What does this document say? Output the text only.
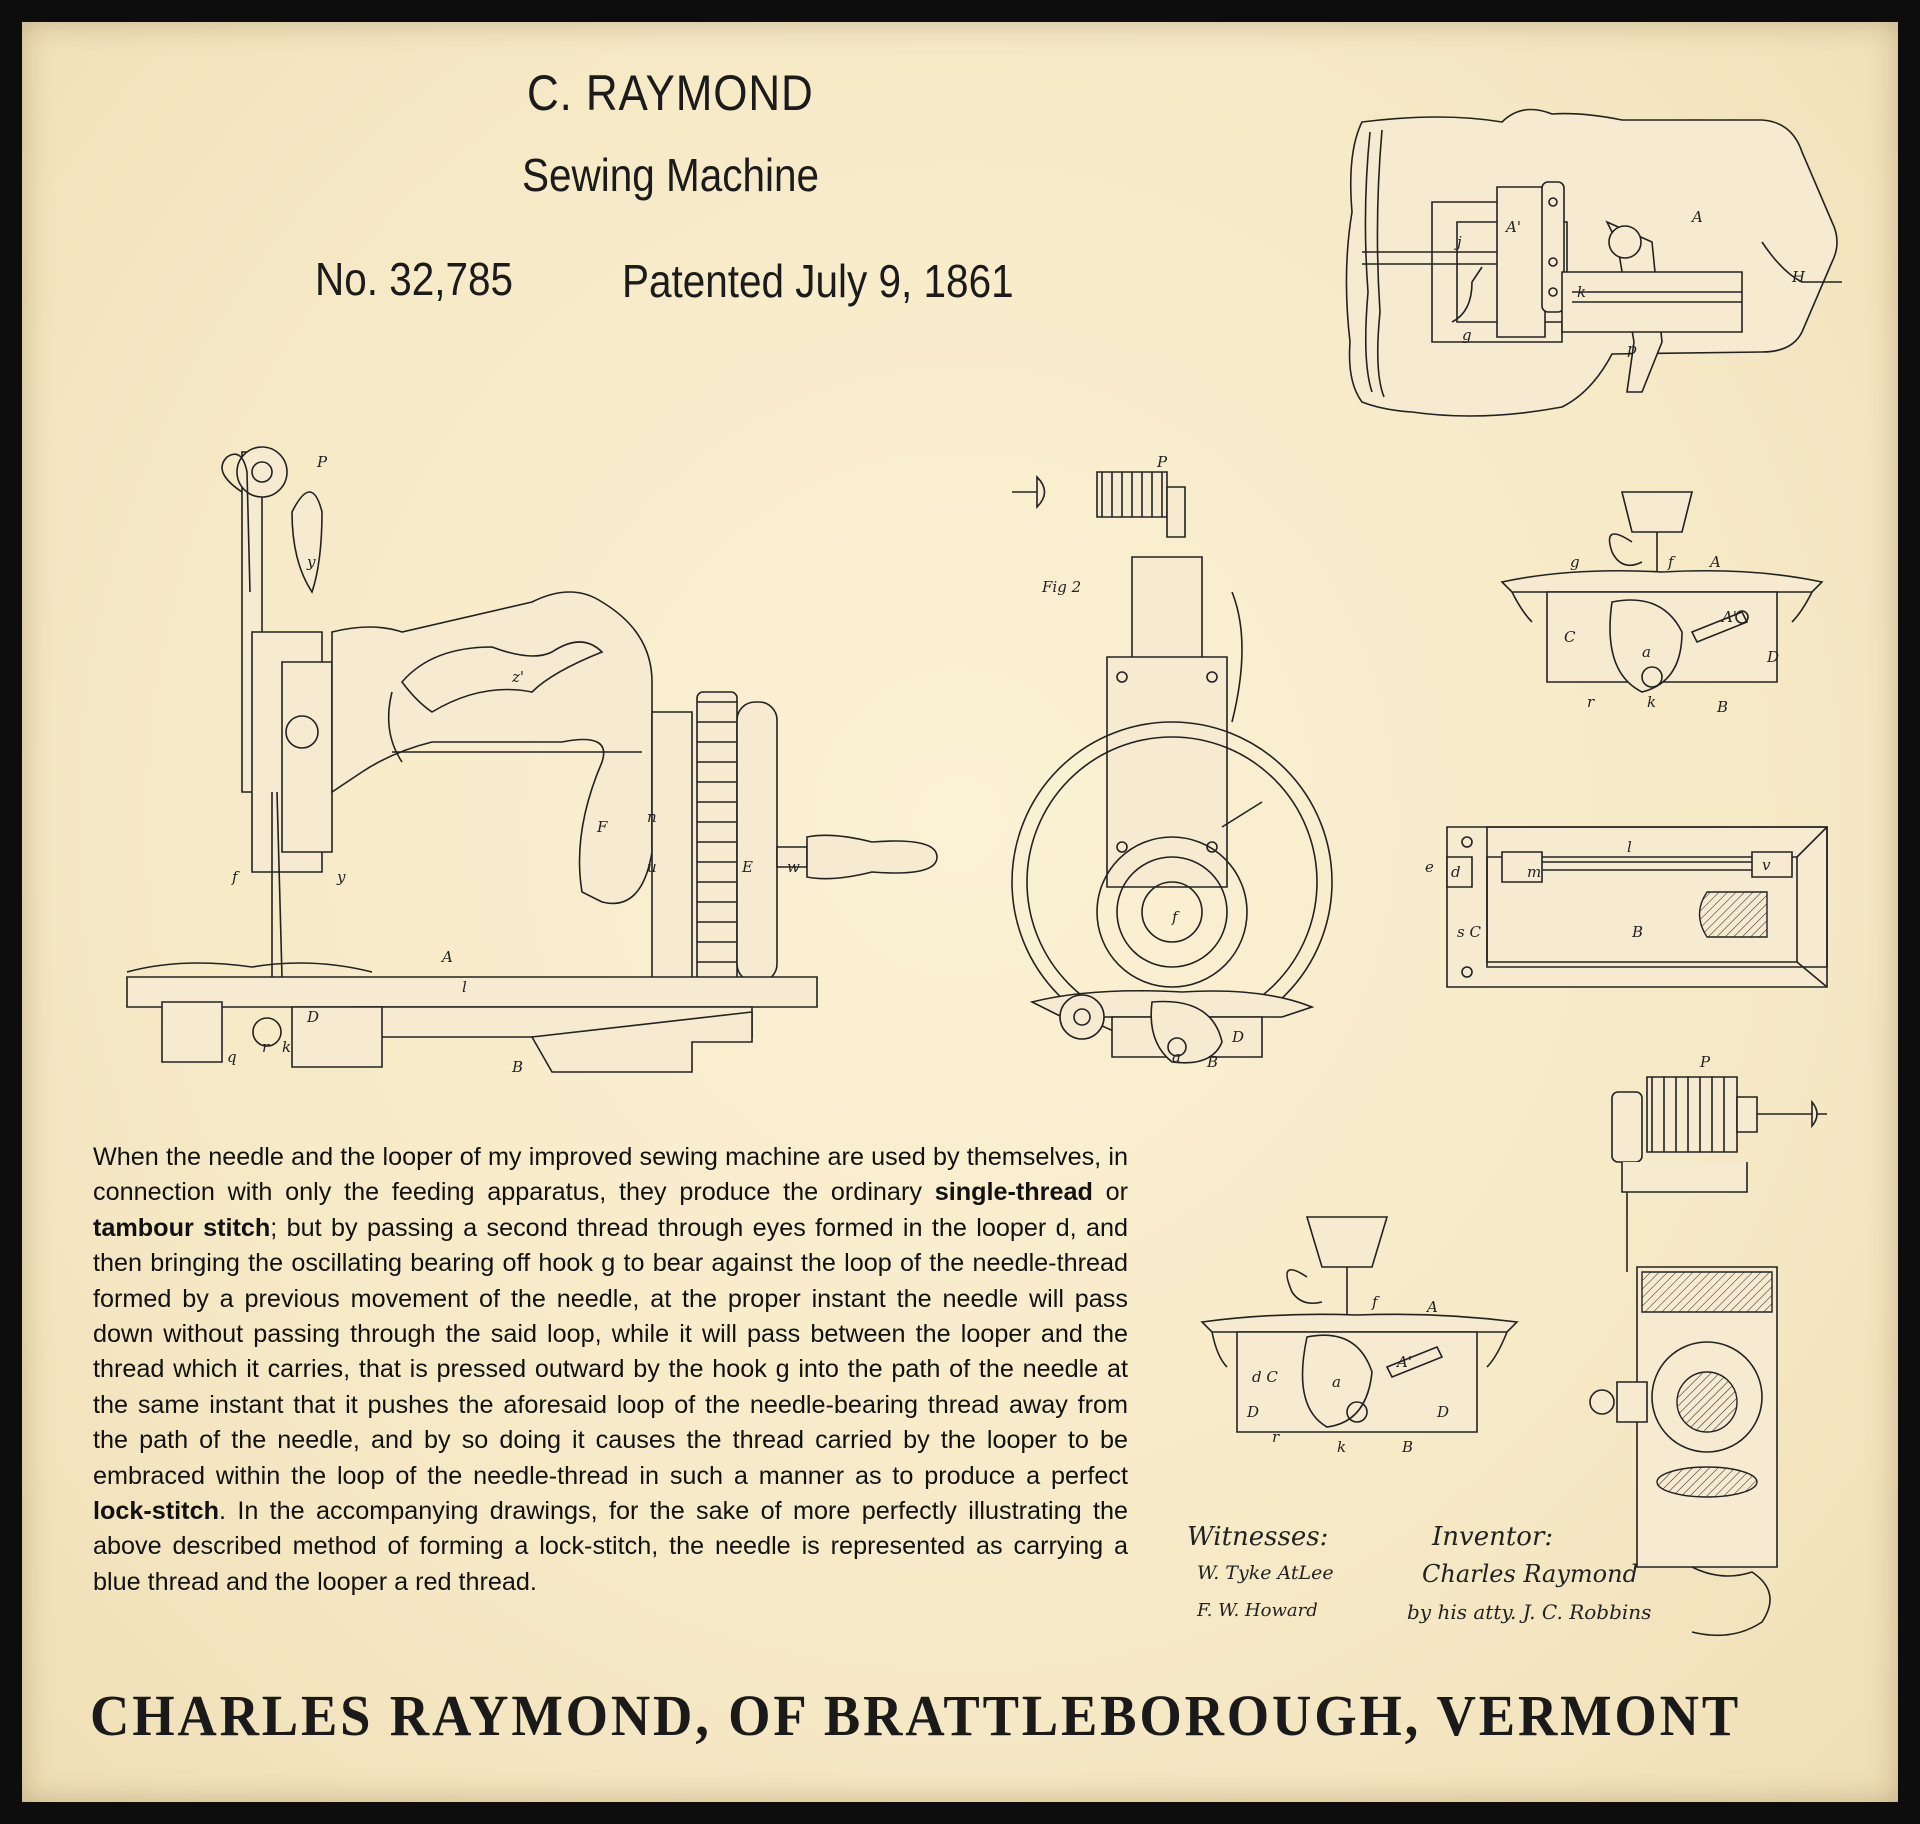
C. RAYMOND
Sewing Machine
No. 32,785 Patented July 9, 1861
j
A'
k
g
A
H
p
P
y
z'
F
n
u	E w
A
l
D
B
f	y
q
r k
P
Fig 2
f
a
D
B
g	f A
A'
C
a	D
B
k
r
e d	m
l
v
B
s C
A
f
A'
d C	a
D	D
B
k
r
P
When the needle and the looper of my improved sewing machine are used by themselves, in connection with only the feeding apparatus, they produce the ordinary single-thread or tambour stitch; but by passing a second thread through eyes formed in the looper d, and then bringing the oscillating bearing off hook g to bear against the loop of the needle-thread formed by a previous movement of the needle, at the proper instant the needle will pass down without passing through the said loop, while it will pass between the looper and the thread which it carries, that is pressed outward by the hook g into the path of the needle at the same instant that it pushes the aforesaid loop of the needle-bearing thread away from the path of the needle, and by so doing it causes the thread carried by the looper to be embraced within the loop of the needle-thread in such a manner as to produce a perfect lock-stitch. In the accompanying drawings, for the sake of more perfectly illustrating the above described method of forming a lock-stitch, the needle is represented as carrying a blue thread and the looper a red thread.
Witnesses:	Inventor:
W. Tyke AtLee	Charles Raymond
F. W. Howard	by his atty. J. C. Robbins
CHARLES RAYMOND, OF BRATTLEBOROUGH, VERMONT
